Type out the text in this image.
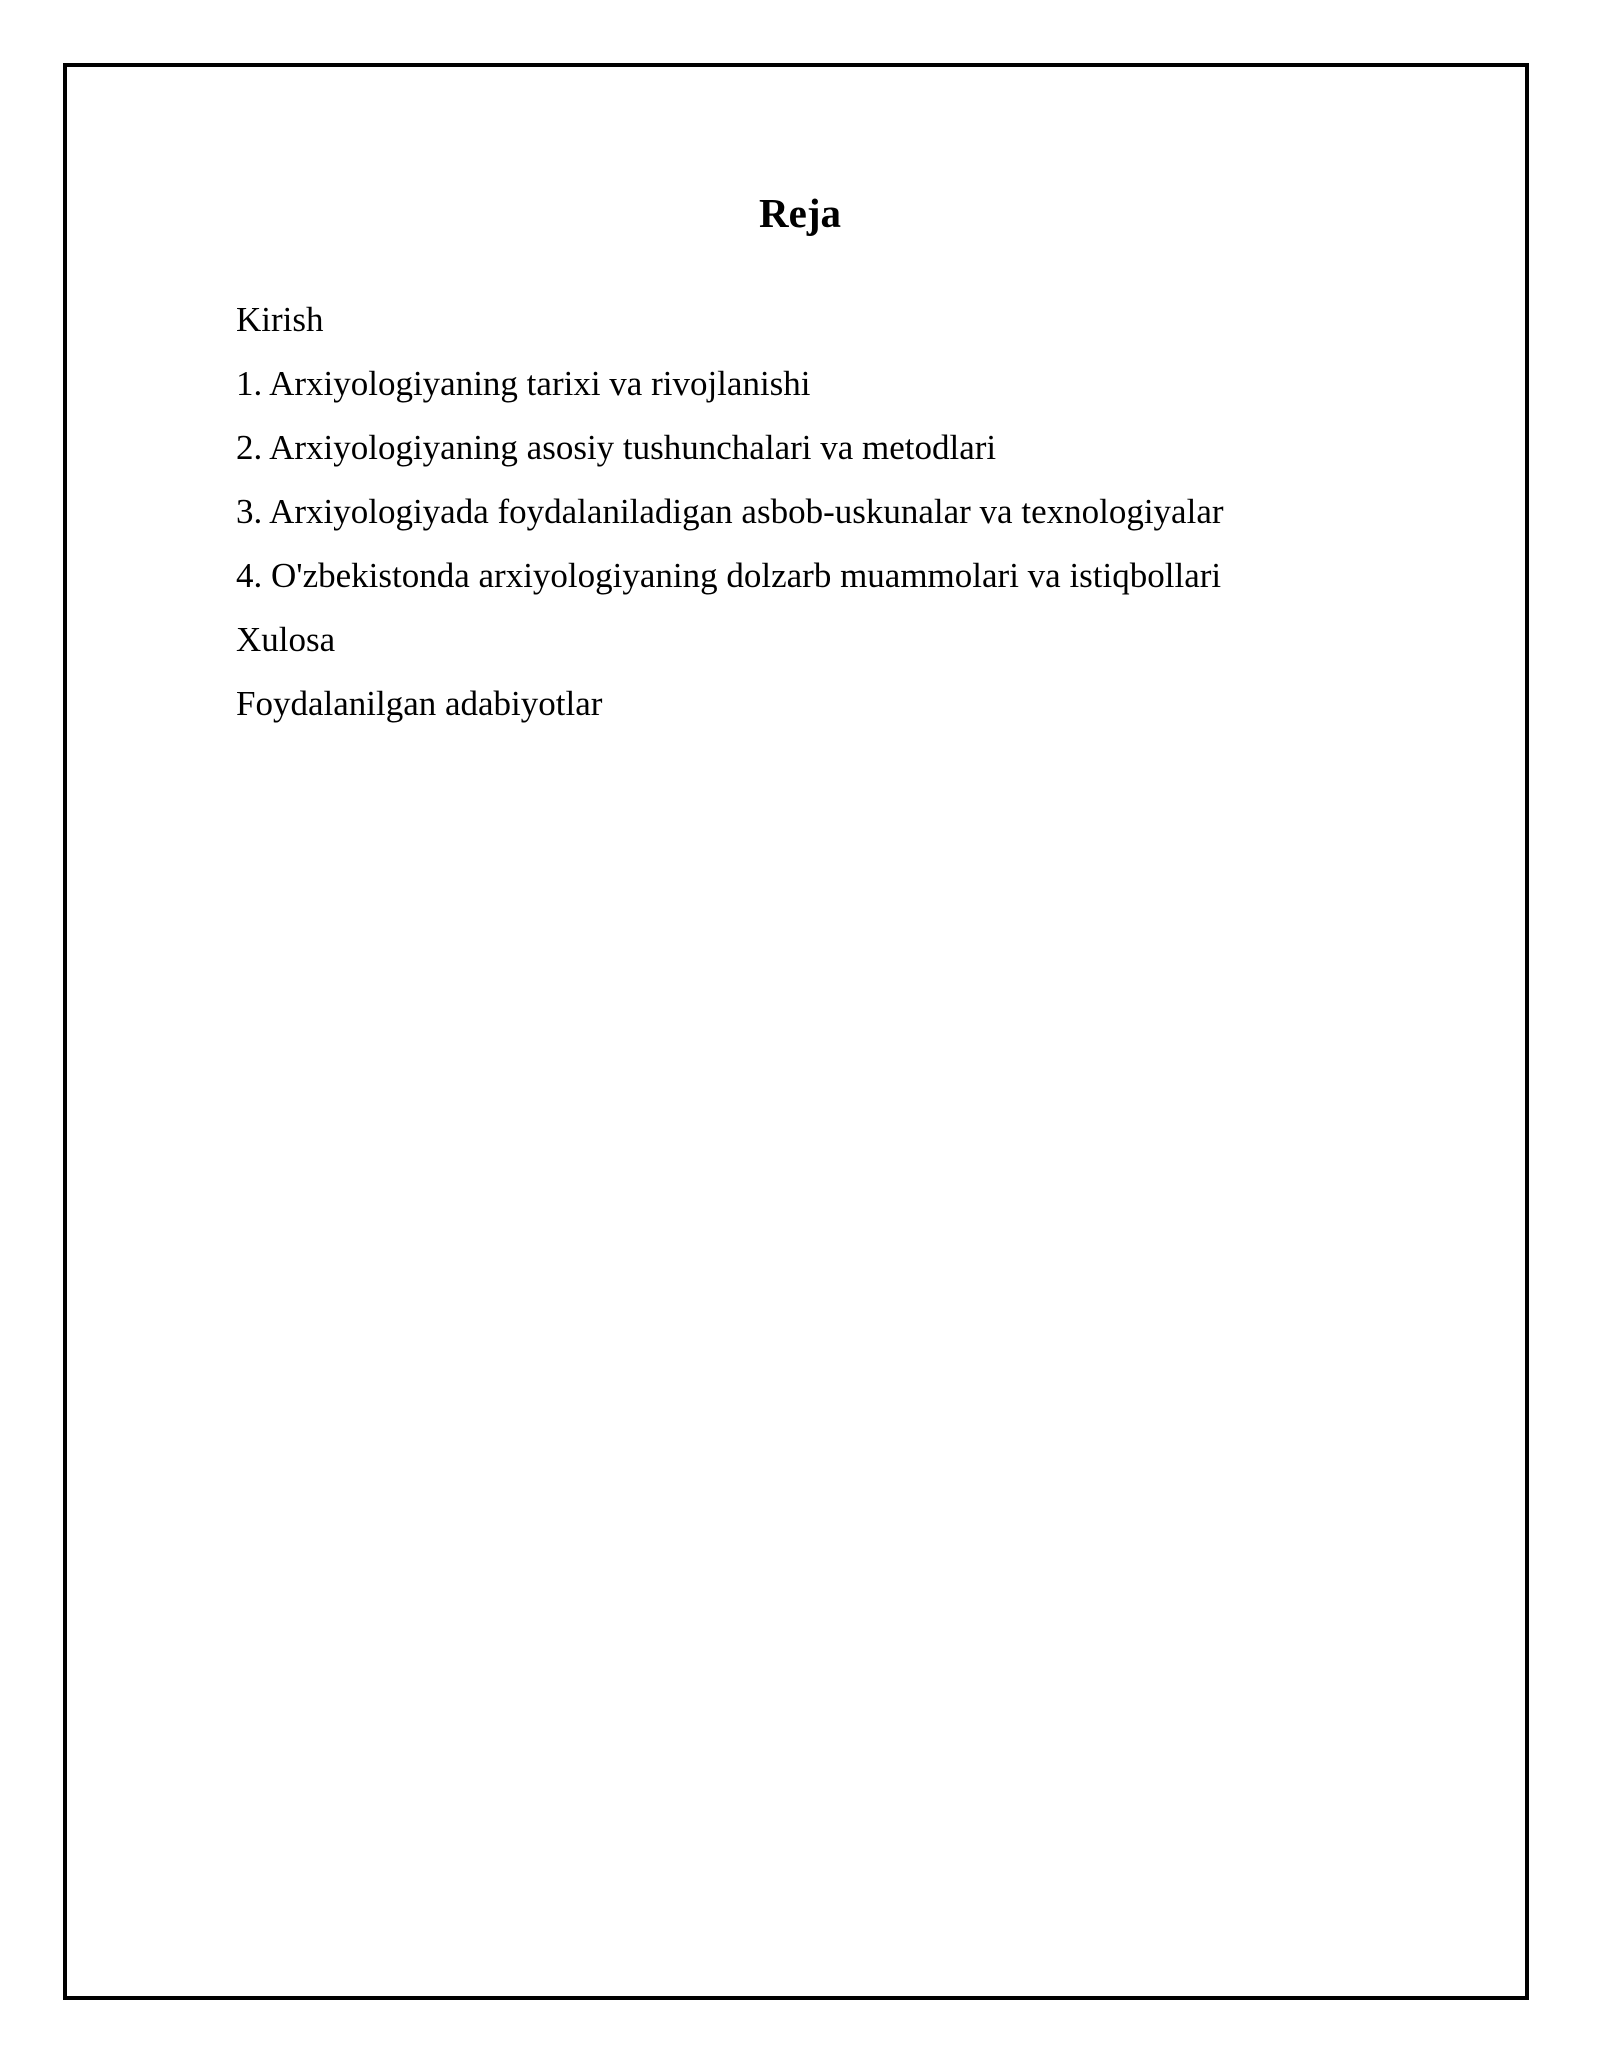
Reja
Kirish
1. Arxiyologiyaning tarixi va rivojlanishi
2. Arxiyologiyaning asosiy tushunchalari va metodlari
3. Arxiyologiyada foydalaniladigan asbob-uskunalar va texnologiyalar
4. O'zbekistonda arxiyologiyaning dolzarb muammolari va istiqbollari
Xulosa
Foydalanilgan adabiyotlar
